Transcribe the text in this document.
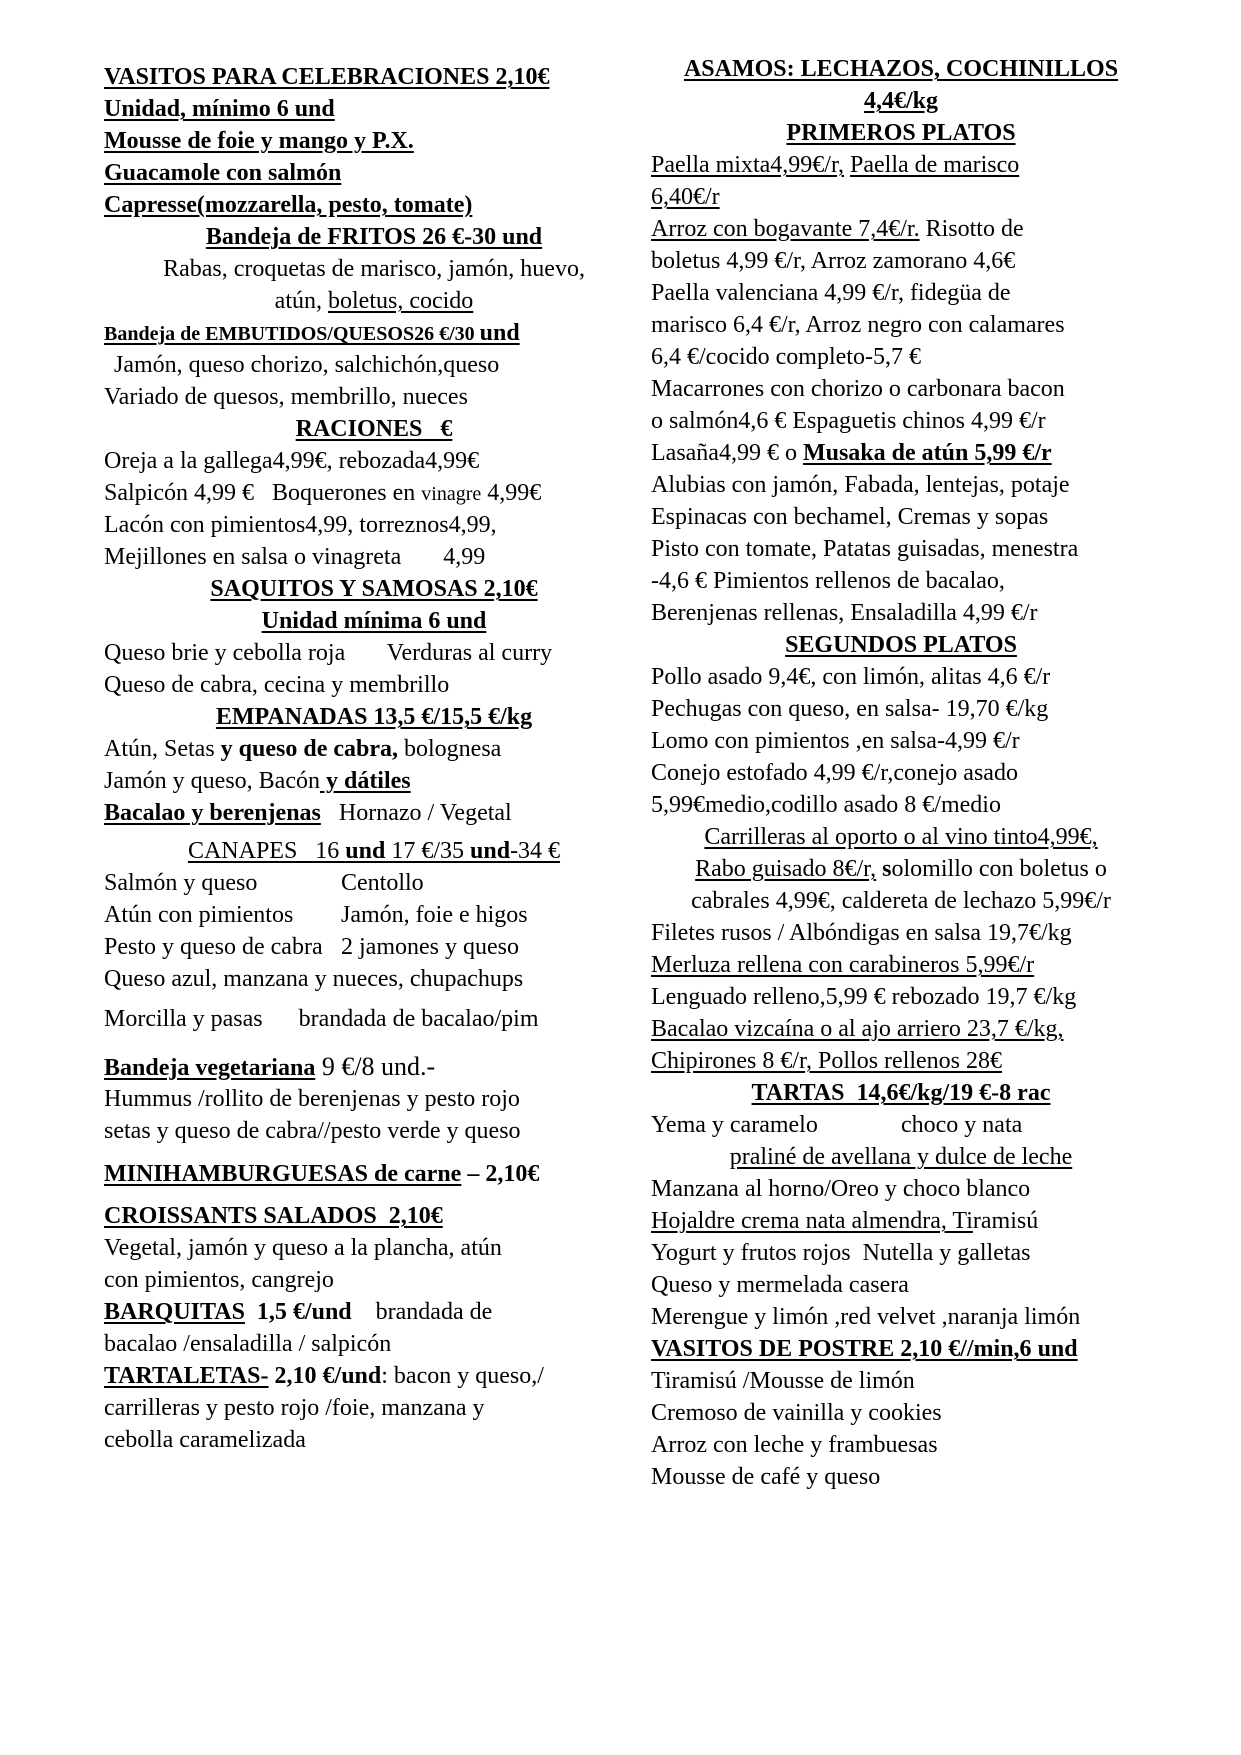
VASITOS PARA CELEBRACIONES 2,10€
Unidad, mínimo 6 und
Mousse de foie y mango y P.X.
Guacamole con salmón
Capresse(mozzarella, pesto, tomate)
Bandeja de FRITOS 26 €-30 und
Rabas, croquetas de marisco, jamón, huevo,
atún, boletus, cocido
Bandeja de EMBUTIDOS/QUESOS26 €/30 und
Jamón, queso chorizo, salchichón,queso
Variado de quesos, membrillo, nueces
RACIONES   €
Oreja a la gallega4,99€, rebozada4,99€
Salpicón 4,99 €   Boquerones en vinagre 4,99€
Lacón con pimientos4,99, torreznos4,99,
Mejillones en salsa o vinagreta       4,99
SAQUITOS Y SAMOSAS 2,10€
Unidad mínima 6 und
Queso brie y cebolla roja       Verduras al curry
Queso de cabra, cecina y membrillo
EMPANADAS 13,5 €/15,5 €/kg
Atún, Setas y queso de cabra, bolognesa
Jamón y queso, Bacón y dátiles
Bacalao y berenjenas   Hornazo / Vegetal
CANAPES   16 und 17 €/35 und-34 €
Salmón y queso	Centollo
Atún con pimientos Jamón, foie e higos
Pesto y queso de cabra 2 jamones y queso
Queso azul, manzana y nueces, chupachups
Morcilla y pasas      brandada de bacalao/pim
Bandeja vegetariana 9 €/8 und.-
Hummus /rollito de berenjenas y pesto rojo
setas y queso de cabra//pesto verde y queso
MINIHAMBURGUESAS de carne – 2,10€
CROISSANTS SALADOS  2,10€
Vegetal, jamón y queso a la plancha, atún
con pimientos, cangrejo
BARQUITAS  1,5 €/und    brandada de
bacalao /ensaladilla / salpicón
TARTALETAS- 2,10 €/und: bacon y queso,/
carrilleras y pesto rojo /foie, manzana y
cebolla caramelizada
ASAMOS: LECHAZOS, COCHINILLOS
4,4€/kg
PRIMEROS PLATOS
Paella mixta4,99€/r, Paella de marisco
6,40€/r
Arroz con bogavante 7,4€/r. Risotto de
boletus 4,99 €/r, Arroz zamorano 4,6€
Paella valenciana 4,99 €/r, fidegüa de
marisco 6,4 €/r, Arroz negro con calamares
6,4 €/cocido completo-5,7 €
Macarrones con chorizo o carbonara bacon
o salmón4,6 € Espaguetis chinos 4,99 €/r
Lasaña4,99 € o Musaka de atún 5,99 €/r
Alubias con jamón, Fabada, lentejas, potaje
Espinacas con bechamel, Cremas y sopas
Pisto con tomate, Patatas guisadas, menestra
-4,6 € Pimientos rellenos de bacalao,
Berenjenas rellenas, Ensaladilla 4,99 €/r
SEGUNDOS PLATOS
Pollo asado 9,4€, con limón, alitas 4,6 €/r
Pechugas con queso, en salsa- 19,70 €/kg
Lomo con pimientos ,en salsa-4,99 €/r
Conejo estofado 4,99 €/r,conejo asado
5,99€medio,codillo asado 8 €/medio
Carrilleras al oporto o al vino tinto4,99€,
Rabo guisado 8€/r, solomillo con boletus o
cabrales 4,99€, caldereta de lechazo 5,99€/r
Filetes rusos / Albóndigas en salsa 19,7€/kg
Merluza rellena con carabineros 5,99€/r
Lenguado relleno,5,99 € rebozado 19,7 €/kg
Bacalao vizcaína o al ajo arriero 23,7 €/kg,
Chipirones 8 €/r, Pollos rellenos 28€
TARTAS  14,6€/kg/19 €-8 rac
Yema y caramelo	choco y nata
praliné de avellana y dulce de leche
Manzana al horno/Oreo y choco blanco
Hojaldre crema nata almendra, Tiramisú
Yogurt y frutos rojos  Nutella y galletas
Queso y mermelada casera
Merengue y limón ,red velvet ,naranja limón
VASITOS DE POSTRE 2,10 €//min,6 und
Tiramisú /Mousse de limón
Cremoso de vainilla y cookies
Arroz con leche y frambuesas
Mousse de café y queso
